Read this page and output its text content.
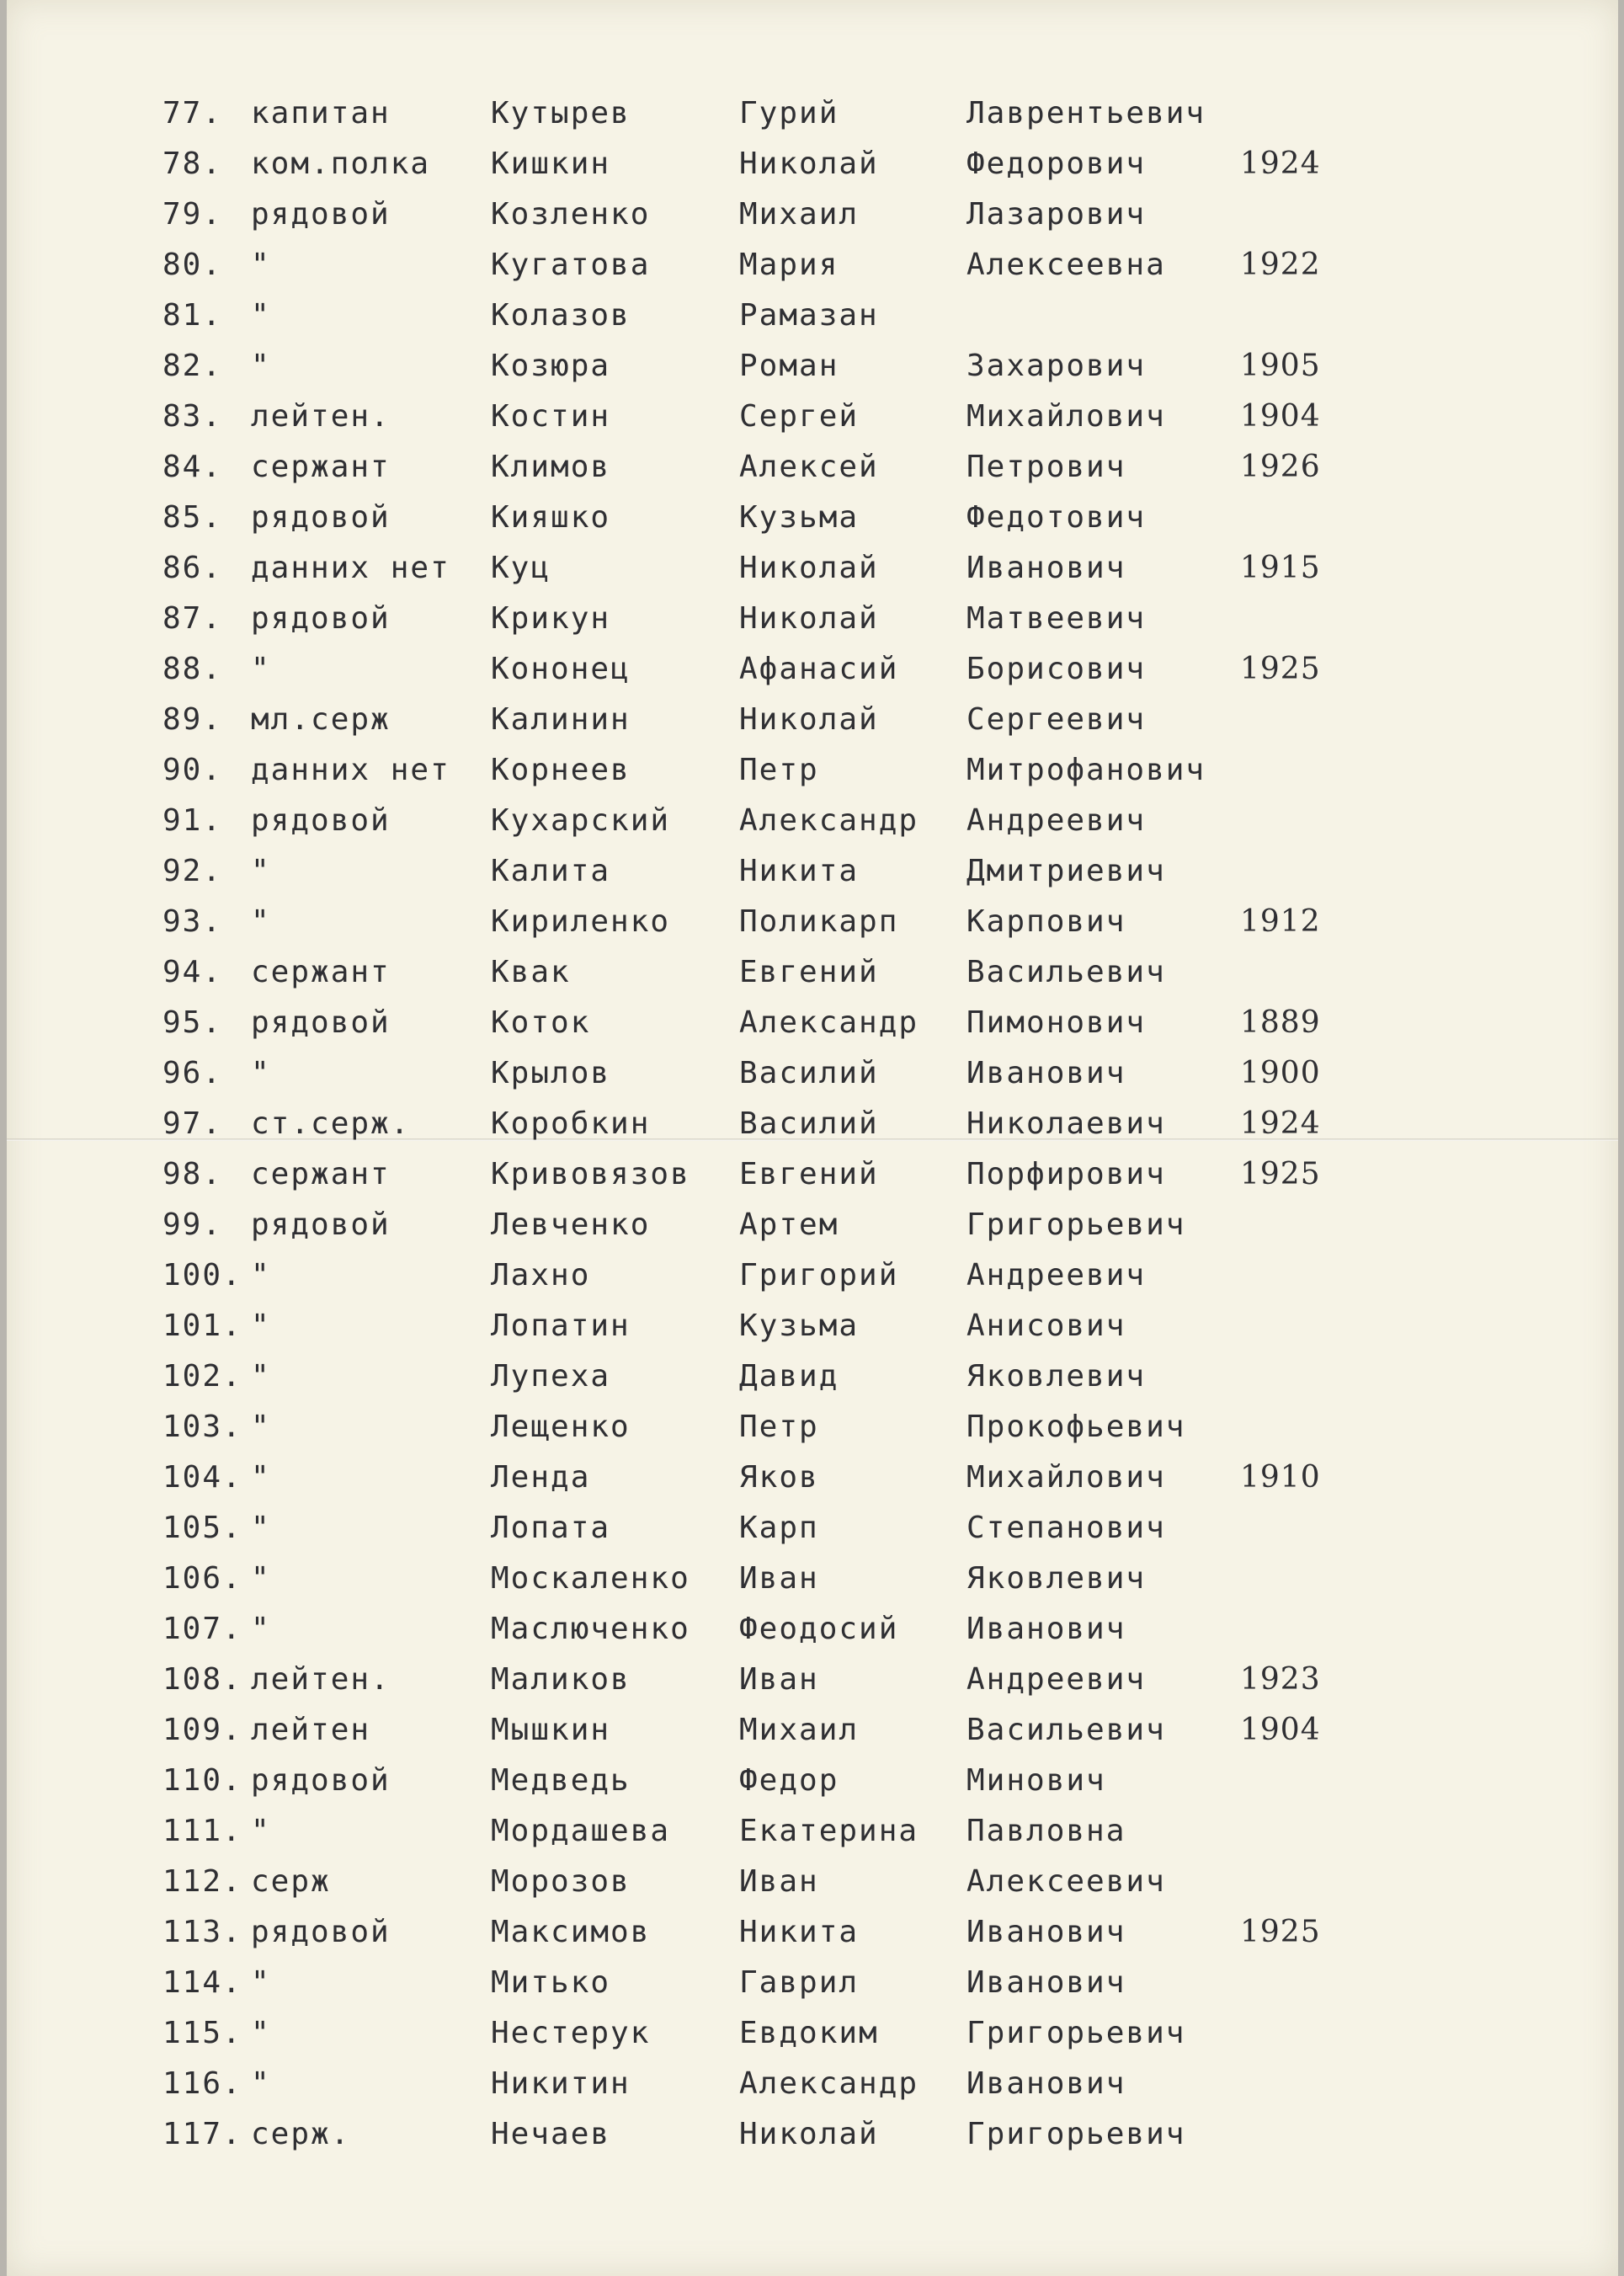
77. капитан	Кутырев	Гурий	Лаврентьевич
78. ком.полка Кишкин	Николай	Федорович	1924
79. рядовой	Козленко	Михаил	Лазарович
80. "	Кугатова	Мария	Алексеевна 1922
81. "	Колазов	Рамазан
82. "	Козюра	Роман	Захарович	1905
83. лейтен.	Костин	Сергей	Михайлович 1904
84. сержант	Климов	Алексей	Петрович	1926
85. рядовой	Кияшко	Кузьма	Федотович
86. данних нет Куц	Николай	Иванович	1915
87. рядовой	Крикун	Николай	Матвеевич
88. "	Кононец	Афанасий Борисович	1925
89. мл.серж	Калинин	Николай	Сергеевич
90. данних нет Корнеев	Петр	Митрофанович
91. рядовой	Кухарский Александр Андреевич
92. "	Калита	Никита	Дмитриевич
93. "	Кириленко Поликарп Карпович	1912
94. сержант	Квак	Евгений	Васильевич
95. рядовой	Коток	Александр Пимонович	1889
96. "	Крылов	Василий	Иванович	1900
97. ст.серж.	Коробкин	Василий	Николаевич 1924
98. сержант	Кривовязов Евгений	Порфирович 1925
99. рядовой	Левченко	Артем	Григорьевич
100. "	Лахно	Григорий Андреевич
101. "	Лопатин	Кузьма	Анисович
102. "	Лупеха	Давид	Яковлевич
103. "	Лещенко	Петр	Прокофьевич
104. "	Ленда	Яков	Михайлович 1910
105. "	Лопата	Карп	Степанович
106. "	Москаленко Иван	Яковлевич
107. "	Маслюченко Феодосий Иванович
108. лейтен.	Маликов	Иван	Андреевич	1923
109. лейтен	Мышкин	Михаил	Васильевич 1904
110. рядовой	Медведь	Федор	Минович
111. "	Мордашева Екатерина Павловна
112. серж	Морозов	Иван	Алексеевич
113. рядовой	Максимов	Никита	Иванович	1925
114. "	Митько	Гаврил	Иванович
115. "	Нестерук	Евдоким	Григорьевич
116. "	Никитин	Александр Иванович
117. серж.	Нечаев	Николай	Григорьевич
